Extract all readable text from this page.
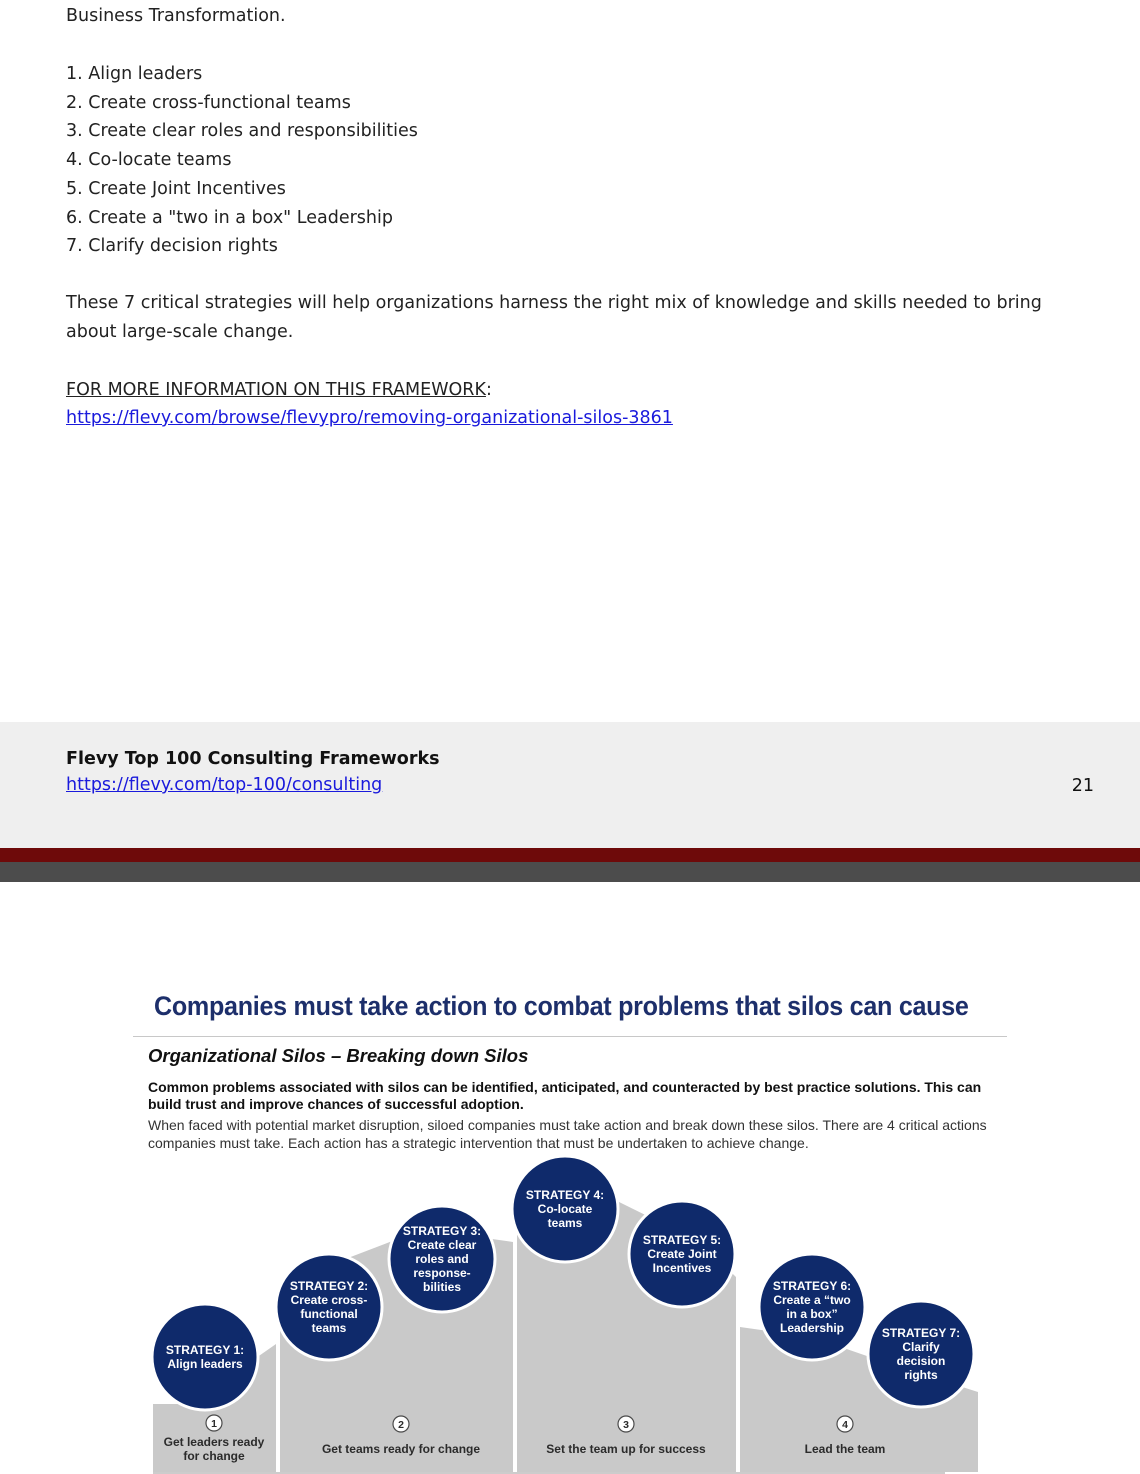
Business Transformation.
1. Align leaders
2. Create cross-functional teams
3. Create clear roles and responsibilities
4. Co-locate teams
5. Create Joint Incentives
6. Create a "two in a box" Leadership
7. Clarify decision rights
These 7 critical strategies will help organizations harness the right mix of knowledge and skills needed to bring about large-scale change.
FOR MORE INFORMATION ON THIS FRAMEWORK:
https://flevy.com/browse/flevypro/removing-organizational-silos-3861
Flevy Top 100 Consulting Frameworks
https://flevy.com/top-100/consulting	21
Companies must take action to combat problems that silos can cause
Organizational Silos – Breaking down Silos
Common problems associated with silos can be identified, anticipated, and counteracted by best practice solutions. This can build trust and improve chances of successful adoption.
When faced with potential market disruption, siloed companies must take action and break down these silos. There are 4 critical actions companies must take. Each action has a strategic intervention that must be undertaken to achieve change.
STRATEGY 1:
Align leaders
STRATEGY 2:
Create cross-
functional
teams
STRATEGY 3:
Create clear
roles and
response-
bilities
STRATEGY 4:
Co-locate
teams
STRATEGY 5:
Create Joint
Incentives
STRATEGY 6:
Create a “two
in a box”
Leadership	STRATEGY 7:
Clarify
decision
rights
1
Get leaders ready
for change
2
Get teams ready for change
3
Set the team up for success
4
Lead the team
